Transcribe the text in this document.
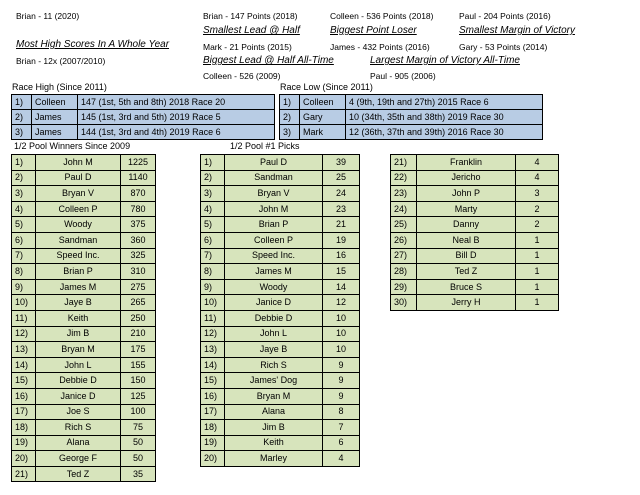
Brian - 11 (2020)
Most High Scores In A Whole Year
Brian - 12x (2007/2010)
Brian - 147 Points (2018)
Smallest Lead @ Half
Mark - 21 Points (2015)
Biggest Lead @ Half All-Time
Colleen - 526 (2009)
Colleen - 536 Points (2018)
Biggest Point Loser
James - 432 Points (2016)
Paul - 204 Points (2016)
Smallest Margin of Victory
Gary - 53 Points (2014)
Largest Margin of Victory All-Time
Paul - 905 (2006)
Race High (Since 2011)
1)	Colleen	147 (1st, 5th and 8th) 2018 Race 20
2)	James	145 (1st, 3rd and 5th) 2019 Race 5
3)	James	144 (1st, 3rd and 4th) 2019 Race 6
Race Low (Since 2011)
1)	Colleen	4 (9th, 19th and 27th) 2015 Race 6
2)	Gary	10 (34th, 35th and 38th) 2019 Race 30
3)	Mark	12 (36th, 37th and 39th) 2016 Race 30
1/2 Pool Winners Since 2009
1)	John M	1225
2)	Paul D	1140
3)	Bryan V	870
4)	Colleen P	780
5)	Woody	375
6)	Sandman	360
7)	Speed Inc.	325
8)	Brian P	310
9)	James M	275
10)	Jaye B	265
11)	Keith	250
12)	Jim B	210
13)	Bryan M	175
14)	John L	155
15)	Debbie D	150
16)	Janice D	125
17)	Joe S	100
18)	Rich S	75
19)	Alana	50
20)	George F	50
21)	Ted Z	35
1/2 Pool #1 Picks
1)	Paul D	39
2)	Sandman	25
3)	Bryan V	24
4)	John M	23
5)	Brian P	21
6)	Colleen P	19
7)	Speed Inc.	16
8)	James M	15
9)	Woody	14
10)	Janice D	12
11)	Debbie D	10
12)	John L	10
13)	Jaye B	10
14)	Rich S	9
15)	James' Dog	9
16)	Bryan M	9
17)	Alana	8
18)	Jim B	7
19)	Keith	6
20)	Marley	4
21)	Franklin	4
22)	Jericho	4
23)	John P	3
24)	Marty	2
25)	Danny	2
26)	Neal B	1
27)	Bill D	1
28)	Ted Z	1
29)	Bruce S	1
30)	Jerry H	1
